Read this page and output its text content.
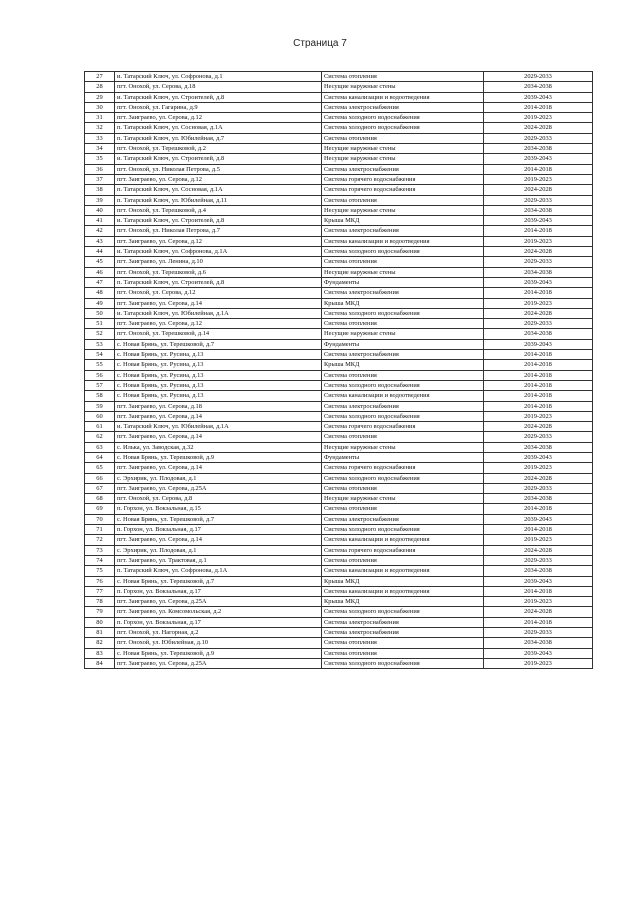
Страница 7
27	и. Татарский Ключ, ул. Софронова, д.1	Система отопления	2029-2033
28	пгт. Онохой, ул. Серова, д.18	Несущие наружные стены	2034-2038
29	и. Татарский Ключ, ул. Строителей, д.8	Система канализации и водоотведения	2039-2043
30	пгт. Онохой, ул. Гагарина, д.9	Система электроснабжения	2014-2018
31	пгт. Заиграево, ул. Серова, д.12	Система холодного водоснабжения	2019-2023
32	п. Татарский Ключ, ул. Сосновая, д.1А	Система холодного водоснабжения	2024-2028
33	п. Татарский Ключ, ул. Юбилейная, д.7	Система отопления	2029-2033
34	пгт. Онохой, ул. Терешковой, д.2	Несущие наружные стены	2034-2038
35	и. Татарский Ключ, ул. Строителей, д.8	Несущие наружные стены	2039-2043
36	пгт. Онохой, ул. Николая Петрова, д.5	Система электроснабжения	2014-2018
37	пгт. Заиграево, ул. Серова, д.12	Система горячего водоснабжения	2019-2023
38	п. Татарский Ключ, ул. Сосновая, д.1А	Система горячего водоснабжения	2024-2028
39	п. Татарский Ключ, ул. Юбилейная, д.11	Система отопления	2029-2033
40	пгт. Онохой, ул. Терешковой, д.4	Несущие наружные стены	2034-2038
41	и. Татарский Ключ, ул. Строителей, д.8	Крыша МКД	2039-2043
42	пгт. Онохой, ул. Николая Петрова, д.7	Система электроснабжения	2014-2018
43	пгт. Заиграево, ул. Серова, д.12	Система канализации и водоотведения	2019-2023
44	и. Татарский Ключ, ул. Софронова, д.1А	Система холодного водоснабжения	2024-2028
45	пгт. Заиграево, ул. Ленина, д.10	Система отопления	2029-2033
46	пгт. Онохой, ул. Терешковой, д.6	Несущие наружные стены	2034-2038
47	п. Татарский Ключ, ул. Строителей, д.8	Фундаменты	2039-2043
48	пгт. Онохой, ул. Серова, д.12	Система электроснабжения	2014-2018
49	пгт. Заиграево, ул. Серова, д.14	Крыша МКД	2019-2023
50	и. Татарский Ключ, ул. Юбилейная, д.1А	Система холодного водоснабжения	2024-2028
51	пгт. Заиграево, ул. Серова, д.12	Система отопления	2029-2033
52	пгт. Онохой, ул. Терешковой, д.14	Несущие наружные стены	2034-2038
53	с. Новая Брянь, ул. Терешковой, д.7	Фундаменты	2039-2043
54	с. Новая Брянь, ул. Русина, д.13	Система электроснабжения	2014-2018
55	с. Новая Брянь, ул. Русина, д.13	Крыша МКД	2014-2018
56	с. Новая Брянь, ул. Русина, д.13	Система отопления	2014-2018
57	с. Новая Брянь, ул. Русина, д.13	Система холодного водоснабжения	2014-2018
58	с. Новая Брянь, ул. Русина, д.13	Система канализации и водоотведения	2014-2018
59	пгт. Заиграево, ул. Серова, д.18	Система электроснабжения	2014-2018
60	пгт. Заиграево, ул. Серова, д.14	Система холодного водоснабжения	2019-2023
61	и. Татарский Ключ, ул. Юбилейная, д.1А	Система горячего водоснабжения	2024-2028
62	пгт. Заиграево, ул. Серова, д.14	Система отопления	2029-2033
63	с. Илька, ул. Заводская, д.32	Несущие наружные стены	2034-2038
64	с. Новая Брянь, ул. Терешковой, д.9	Фундаменты	2039-2043
65	пгт. Заиграево, ул. Серова, д.14	Система горячего водоснабжения	2019-2023
66	с. Эрхирик, ул. Плодовая, д.1	Система холодного водоснабжения	2024-2028
67	пгт. Заиграево, ул. Серова, д.25А	Система отопления	2029-2033
68	пгт. Онохой, ул. Серова, д.8	Несущие наружные стены	2034-2038
69	п. Горхон, ул. Вокзальная, д.15	Система отопления	2014-2018
70	с. Новая Брянь, ул. Терешковой, д.7	Система электроснабжения	2039-2043
71	п. Горхон, ул. Вокзальная, д.17	Система холодного водоснабжения	2014-2018
72	пгт. Заиграево, ул. Серова, д.14	Система канализации и водоотведения	2019-2023
73	с. Эрхирик, ул. Плодовая, д.1	Система горячего водоснабжения	2024-2028
74	пгт. Заиграево, ул. Трактовая, д.1	Система отопления	2029-2033
75	п. Татарский Ключ, ул. Софронова, д.1А	Система канализации и водоотведения	2034-2038
76	с. Новая Брянь, ул. Терешковой, д.7	Крыша МКД	2039-2043
77	п. Горхон, ул. Вокзальная, д.17	Система канализации и водоотведения	2014-2018
78	пгт. Заиграево, ул. Серова, д.25А	Крыша МКД	2019-2023
79	пгт. Заиграево, ул. Комсомольская, д.2	Система холодного водоснабжения	2024-2028
80	п. Горхон, ул. Вокзальная, д.17	Система электроснабжения	2014-2018
81	пгт. Онохой, ул. Нагорная, д.2	Система электроснабжения	2029-2033
82	пгт. Онохой, ул. Юбилейная, д.10	Система отопления	2034-2038
83	с. Новая Брянь, ул. Терешковой, д.9	Система отопления	2039-2043
84	пгт. Заиграево, ул. Серова, д.25А	Система холодного водоснабжения	2019-2023
